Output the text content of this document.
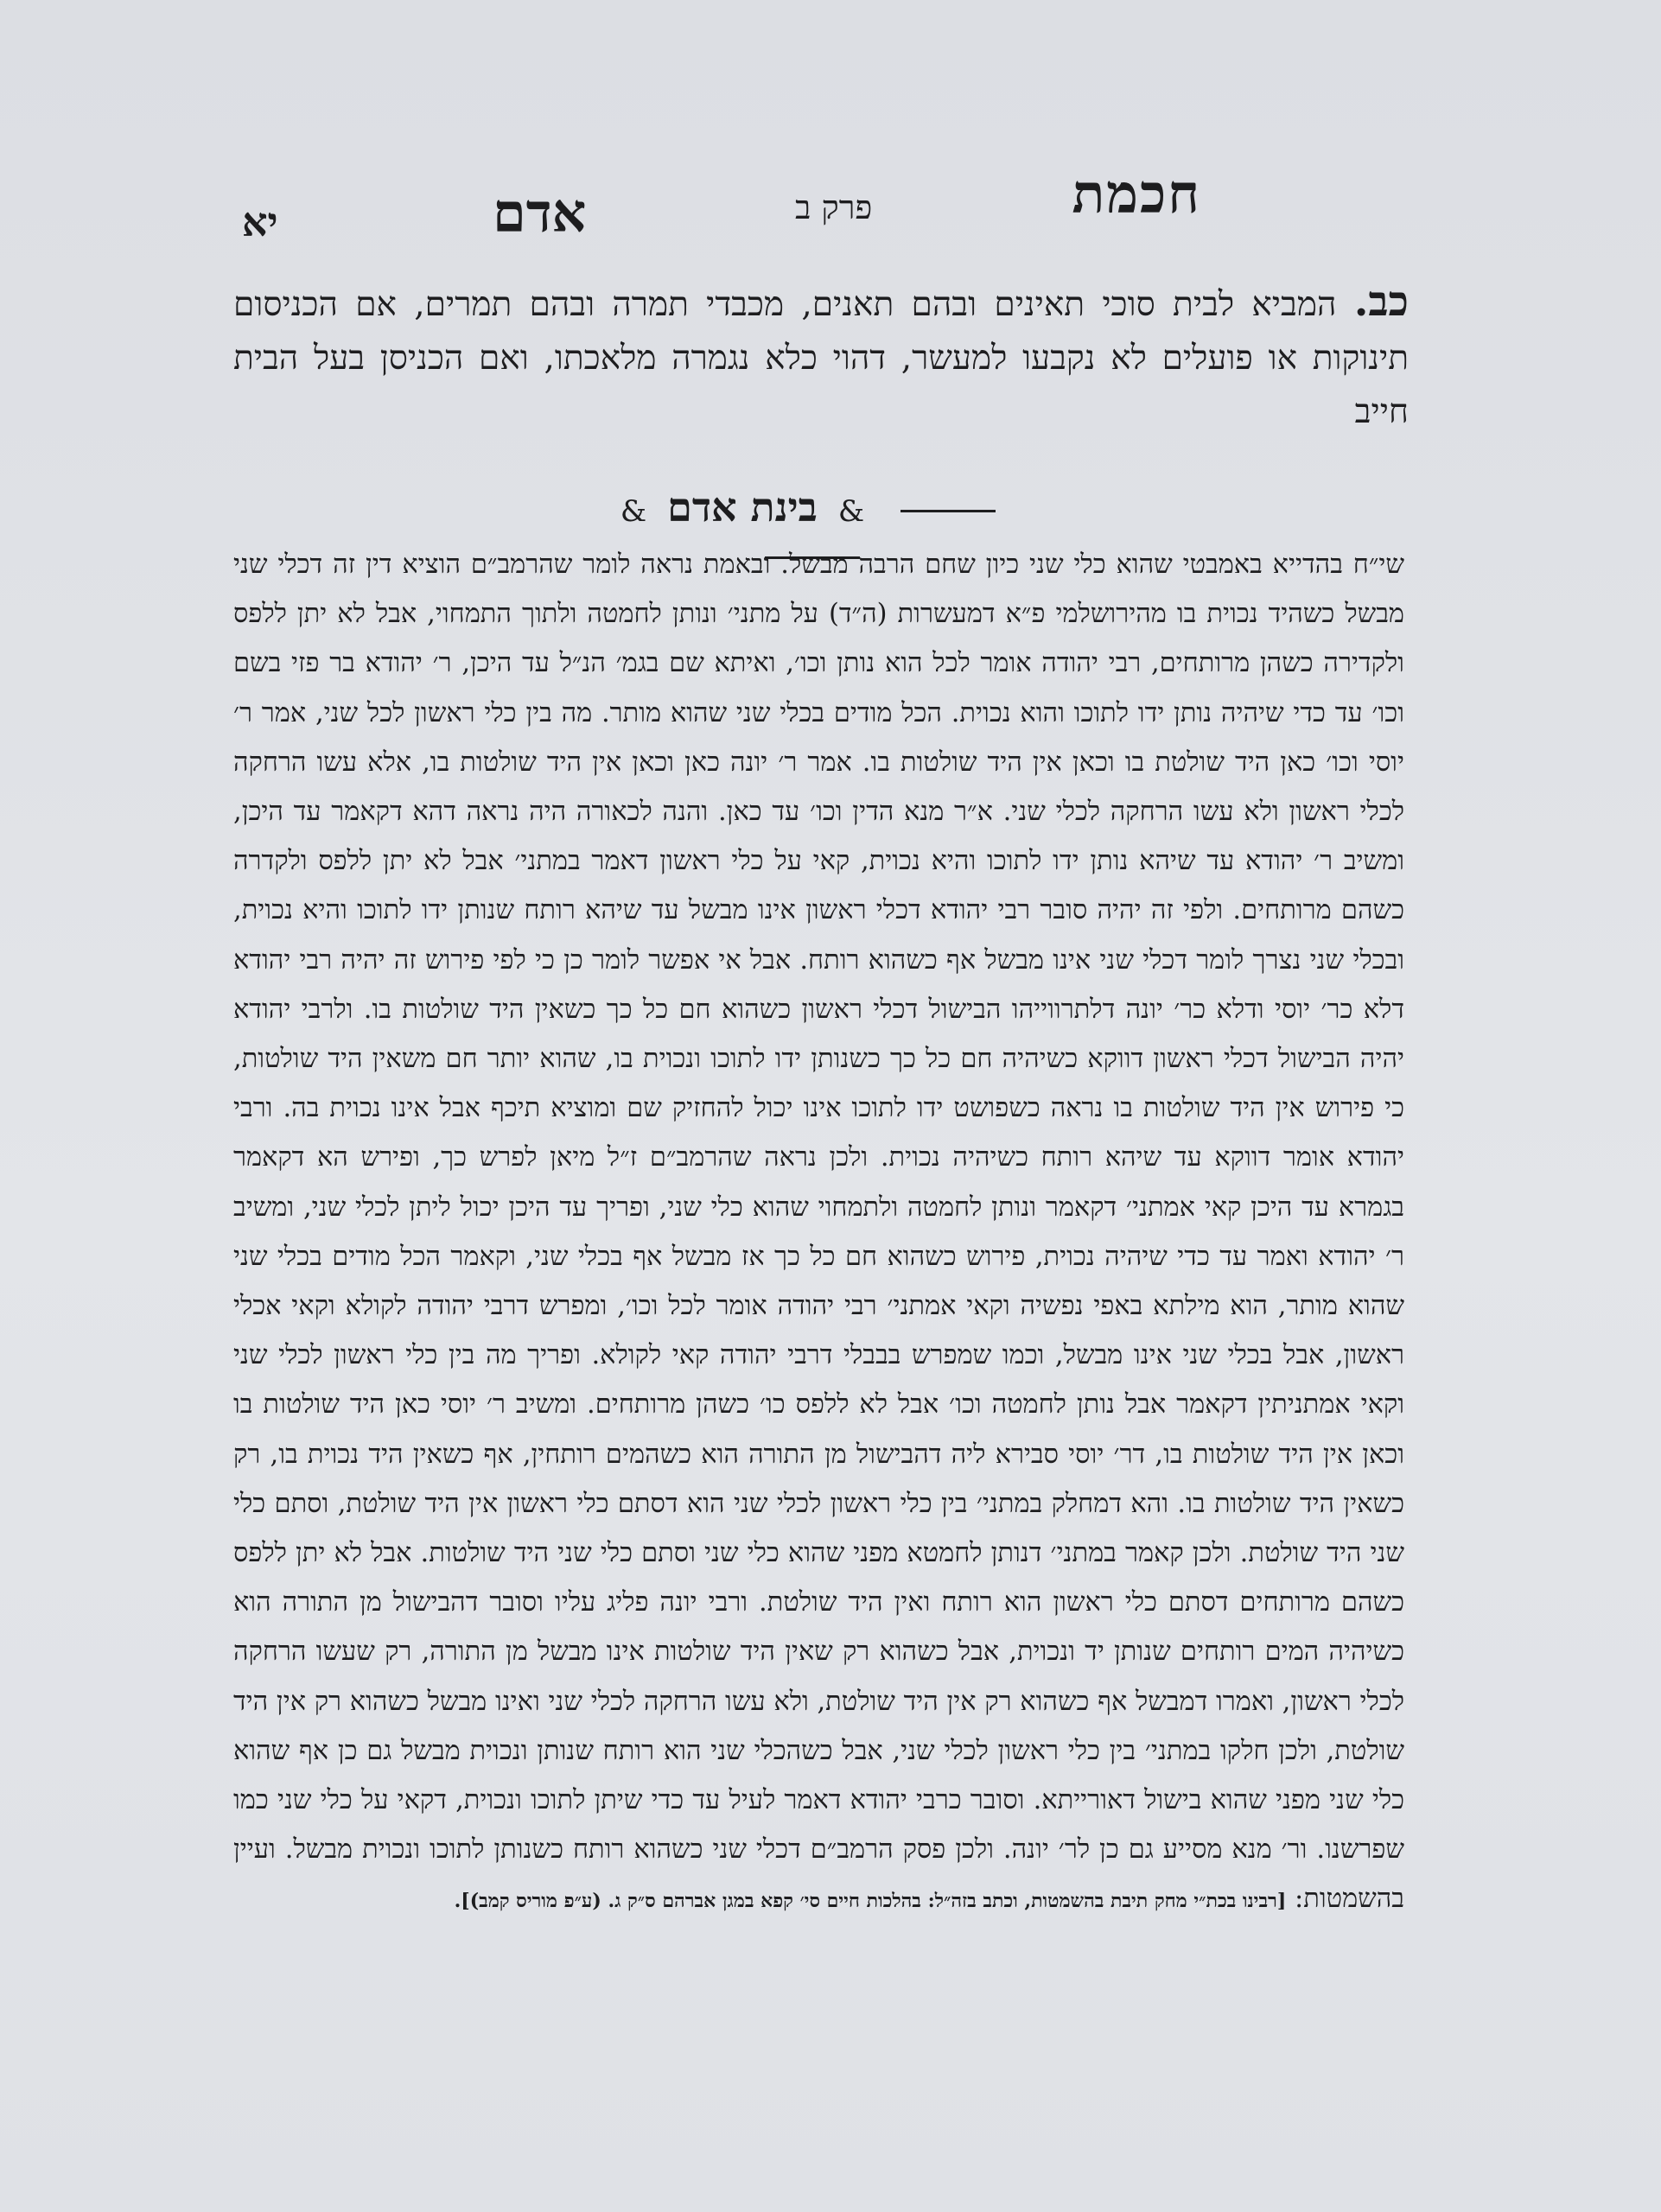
חכמת
פרק ב
אדם
יא
כב. המביא לבית סוכי תאינים ובהם תאנים, מכבדי תמרה ובהם תמרים, אם הכניסום תינוקות או פועלים לא נקבעו למעשר, דהוי כלא נגמרה מלאכתו, ואם הכניסן בעל הבית חייב
& בינת אדם &
שי״ח בהדייא באמבטי שהוא כלי שני כיון שחם הרבה מבשל. ובאמת נראה לומר שהרמב״ם הוציא דין זה דכלי שני מבשל כשהיד נכוית בו מהירושלמי פ״א דמעשרות (ה״ד) על מתני׳ ונותן לחמטה ולתוך התמחוי, אבל לא יתן ללפס ולקדירה כשהן מרותחים, רבי יהודה אומר לכל הוא נותן וכו׳, ואיתא שם בגמ׳ הנ״ל עד היכן, ר׳ יהודא בר פזי בשם וכו׳ עד כדי שיהיה נותן ידו לתוכו והוא נכוית. הכל מודים בכלי שני שהוא מותר. מה בין כלי ראשון לכל שני, אמר ר׳ יוסי וכו׳ כאן היד שולטת בו וכאן אין היד שולטות בו. אמר ר׳ יונה כאן וכאן אין היד שולטות בו, אלא עשו הרחקה לכלי ראשון ולא עשו הרחקה לכלי שני. א״ר מנא הדין וכו׳ עד כאן. והנה לכאורה היה נראה דהא דקאמר עד היכן, ומשיב ר׳ יהודא עד שיהא נותן ידו לתוכו והיא נכוית, קאי על כלי ראשון דאמר במתני׳ אבל לא יתן ללפס ולקדרה כשהם מרותחים. ולפי זה יהיה סובר רבי יהודא דכלי ראשון אינו מבשל עד שיהא רותח שנותן ידו לתוכו והיא נכוית, ובכלי שני נצרך לומר דכלי שני אינו מבשל אף כשהוא רותח. אבל אי אפשר לומר כן כי לפי פירוש זה יהיה רבי יהודא דלא כר׳ יוסי ודלא כר׳ יונה דלתרווייהו הבישול דכלי ראשון כשהוא חם כל כך כשאין היד שולטות בו. ולרבי יהודא יהיה הבישול דכלי ראשון דווקא כשיהיה חם כל כך כשנותן ידו לתוכו ונכוית בו, שהוא יותר חם משאין היד שולטות, כי פירוש אין היד שולטות בו נראה כשפושט ידו לתוכו אינו יכול להחזיק שם ומוציא תיכף אבל אינו נכוית בה. ורבי יהודא אומר דווקא עד שיהא רותח כשיהיה נכוית. ולכן נראה שהרמב״ם ז״ל מיאן לפרש כך, ופירש הא דקאמר בגמרא עד היכן קאי אמתני׳ דקאמר ונותן לחמטה ולתמחוי שהוא כלי שני, ופריך עד היכן יכול ליתן לכלי שני, ומשיב ר׳ יהודא ואמר עד כדי שיהיה נכוית, פירוש כשהוא חם כל כך אז מבשל אף בכלי שני, וקאמר הכל מודים בכלי שני שהוא מותר, הוא מילתא באפי נפשיה וקאי אמתני׳ רבי יהודה אומר לכל וכו׳, ומפרש דרבי יהודה לקולא וקאי אכלי ראשון, אבל בכלי שני אינו מבשל, וכמו שמפרש בבבלי דרבי יהודה קאי לקולא. ופריך מה בין כלי ראשון לכלי שני וקאי אמתניתין דקאמר אבל נותן לחמטה וכו׳ אבל לא ללפס כו׳ כשהן מרותחים. ומשיב ר׳ יוסי כאן היד שולטות בו וכאן אין היד שולטות בו, דר׳ יוסי סבירא ליה דהבישול מן התורה הוא כשהמים רותחין, אף כשאין היד נכוית בו, רק כשאין היד שולטות בו. והא דמחלק במתני׳ בין כלי ראשון לכלי שני הוא דסתם כלי ראשון אין היד שולטת, וסתם כלי שני היד שולטת. ולכן קאמר במתני׳ דנותן לחמטא מפני שהוא כלי שני וסתם כלי שני היד שולטות. אבל לא יתן ללפס כשהם מרותחים דסתם כלי ראשון הוא רותח ואין היד שולטת. ורבי יונה פליג עליו וסובר דהבישול מן התורה הוא כשיהיה המים רותחים שנותן יד ונכוית, אבל כשהוא רק שאין היד שולטות אינו מבשל מן התורה, רק שעשו הרחקה לכלי ראשון, ואמרו דמבשל אף כשהוא רק אין היד שולטת, ולא עשו הרחקה לכלי שני ואינו מבשל כשהוא רק אין היד שולטת, ולכן חלקו במתני׳ בין כלי ראשון לכלי שני, אבל כשהכלי שני הוא רותח שנותן ונכוית מבשל גם כן אף שהוא כלי שני מפני שהוא בישול דאורייתא. וסובר כרבי יהודא דאמר לעיל עד כדי שיתן לתוכו ונכוית, דקאי על כלי שני כמו שפרשנו. ור׳ מנא מסייע גם כן לר׳ יונה. ולכן פסק הרמב״ם דכלי שני כשהוא רותח כשנותן לתוכו ונכוית מבשל. ועיין בהשמטות: [רבינו בכת״י מחק תיבת בהשמטות, וכתב בזה״ל: בהלכות חיים סי׳ קפא במגן אברהם ס״ק ג. (ע״פ מוריס קמב)].
